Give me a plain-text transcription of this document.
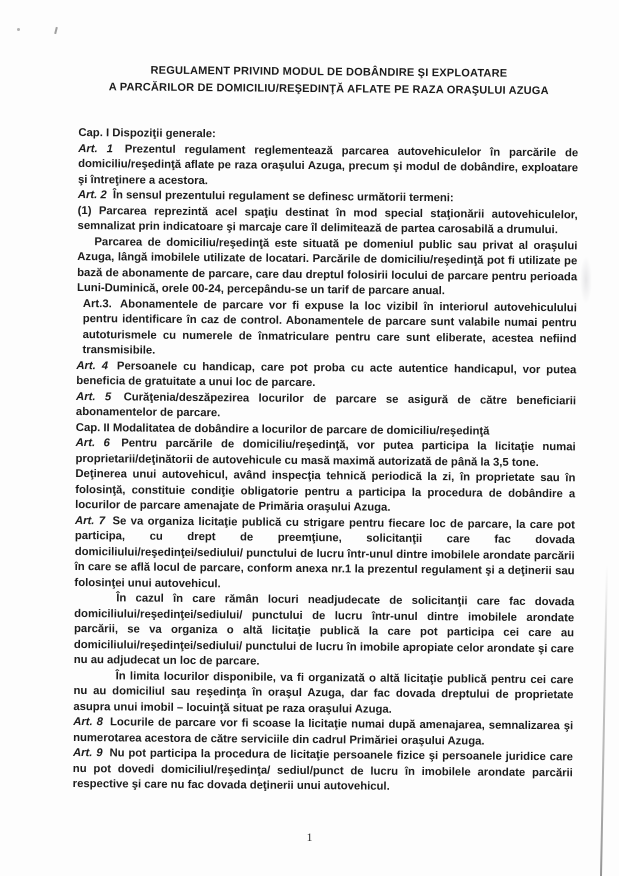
REGULAMENT PRIVIND MODUL DE DOBÂNDIRE ŞI EXPLOATARE
A PARCĂRILOR DE DOMICILIU/REŞEDINŢĂ AFLATE PE RAZA ORAŞULUI AZUGA

Cap. I Dispoziţii generale:

Art. 1 Prezentul regulament reglementează parcarea autovehiculelor în parcările de domiciliu/reşedinţă aflate pe raza oraşului Azuga, precum şi modul de dobândire, exploatare şi întreţinere a acestora.

Art. 2 În sensul prezentului regulament se definesc următorii termeni:

(1) Parcarea reprezintă acel spaţiu destinat în mod special staţionării autovehiculelor, semnalizat prin indicatoare şi marcaje care îl delimitează de partea carosabilă a drumului.

Parcarea de domiciliu/reşedinţă este situată pe domeniul public sau privat al oraşului Azuga, lângă imobilele utilizate de locatari. Parcările de domiciliu/reşedinţă pot fi utilizate pe bază de abonamente de parcare, care dau dreptul folosirii locului de parcare pentru perioada Luni-Duminică, orele 00-24, percepându-se un tarif de parcare anual.

Art.3. Abonamentele de parcare vor fi expuse la loc vizibil în interiorul autovehiculului pentru identificare în caz de control. Abonamentele de parcare sunt valabile numai pentru autoturismele cu numerele de înmatriculare pentru care sunt eliberate, acestea nefiind transmisibile.

Art. 4 Persoanele cu handicap, care pot proba cu acte autentice handicapul, vor putea beneficia de gratuitate a unui loc de parcare.

Art. 5 Curăţenia/deszăpezirea locurilor de parcare se asigură de către beneficiarii abonamentelor de parcare.

Cap. II Modalitatea de dobândire a locurilor de parcare de domiciliu/reşedinţă

Art. 6 Pentru parcările de domiciliu/reşedinţă, vor putea participa la licitaţie numai proprietarii/deţinătorii de autovehicule cu masă maximă autorizată de până la 3,5 tone.

Deţinerea unui autovehicul, având inspecţia tehnică periodică la zi, în proprietate sau în folosinţă, constituie condiţie obligatorie pentru a participa la procedura de dobândire a locurilor de parcare amenajate de Primăria oraşului Azuga.

Art. 7 Se va organiza licitaţie publică cu strigare pentru fiecare loc de parcare, la care pot participa, cu drept de preemţiune, solicitanţii care fac dovada domiciliului/reşedinţei/sediului/ punctului de lucru într-unul dintre imobilele arondate parcării în care se află locul de parcare, conform anexa nr.1 la prezentul regulament şi a deţinerii sau folosinţei unui autovehicul.

În cazul în care rămân locuri neadjudecate de solicitanţii care fac dovada domiciliului/reşedinţei/sediului/ punctului de lucru într-unul dintre imobilele arondate parcării, se va organiza o altă licitaţie publică la care pot participa cei care au domiciliului/reşedinţei/sediului/ punctului de lucru în imobile apropiate celor arondate şi care nu au adjudecat un loc de parcare.

În limita locurilor disponibile, va fi organizată o altă licitaţie publică pentru cei care nu au domiciliul sau reşedinţa în oraşul Azuga, dar fac dovada dreptului de proprietate asupra unui imobil – locuinţă situat pe raza oraşului Azuga.

Art. 8 Locurile de parcare vor fi scoase la licitaţie numai după amenajarea, semnalizarea şi numerotarea acestora de către serviciile din cadrul Primăriei oraşului Azuga.

Art. 9 Nu pot participa la procedura de licitaţie persoanele fizice şi persoanele juridice care nu pot dovedi domiciliul/reşedinţa/ sediul/punct de lucru în imobilele arondate parcării respective şi care nu fac dovada deţinerii unui autovehicul.

1
